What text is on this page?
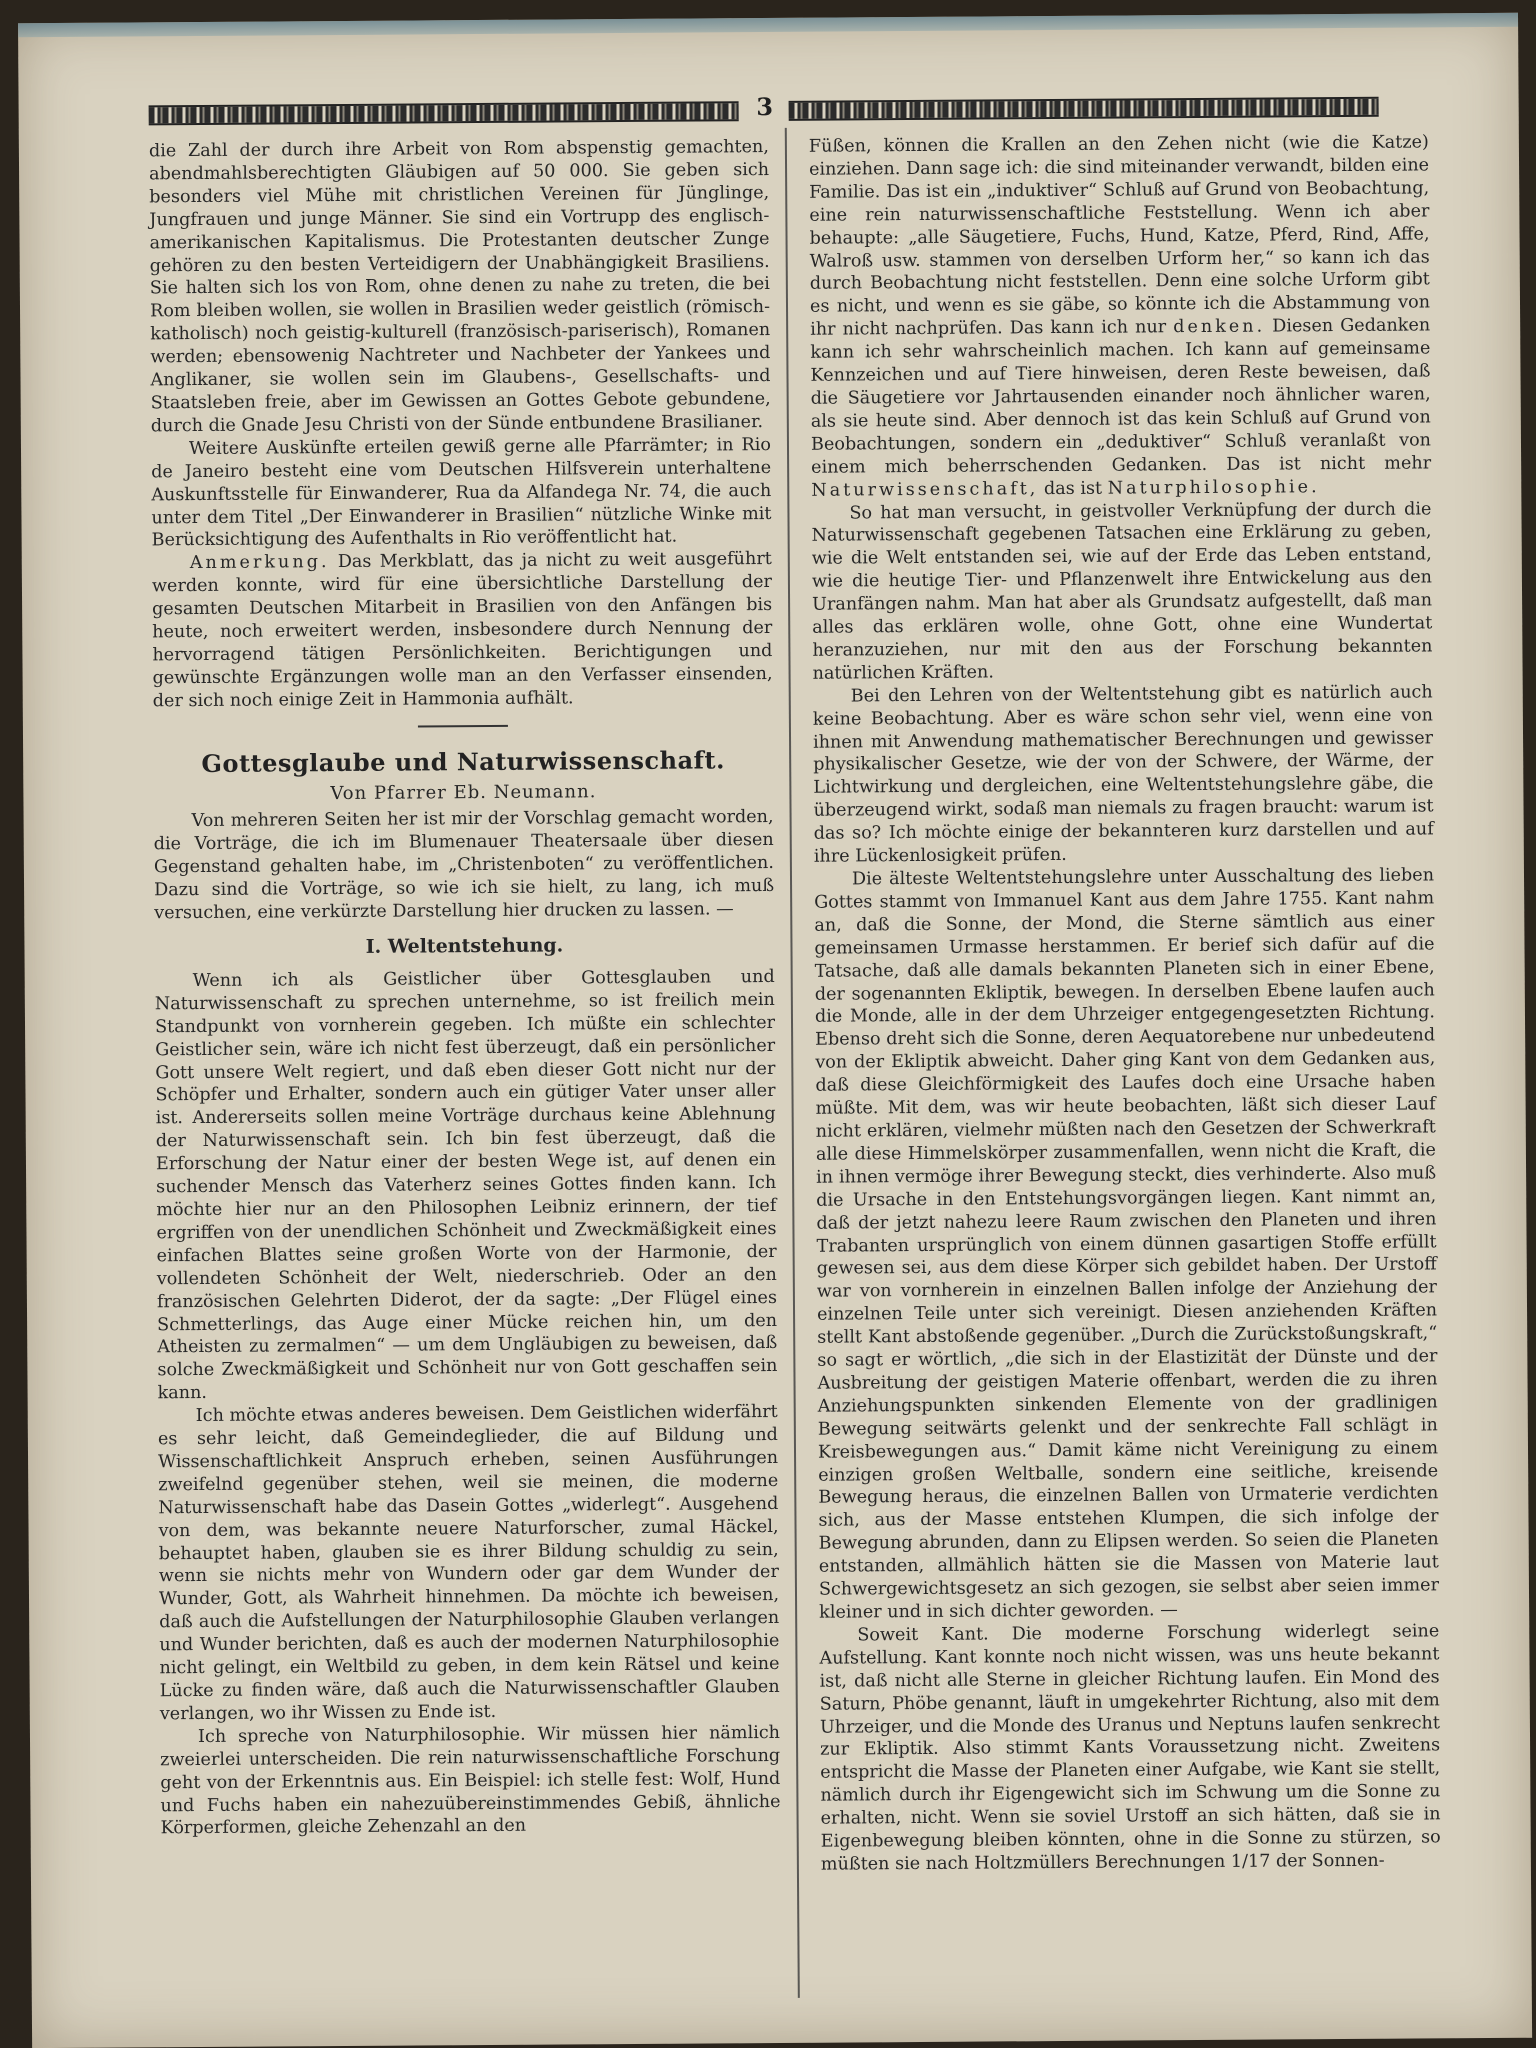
3

die Zahl der durch ihre Arbeit von Rom abspenstig gemachten, abendmahlsberechtigten Gläubigen auf 50 000. Sie geben sich besonders viel Mühe mit christlichen Vereinen für Jünglinge, Jungfrauen und junge Männer. Sie sind ein Vortrupp des englisch-amerikanischen Kapitalismus. Die Protestanten deutscher Zunge gehören zu den besten Verteidigern der Unabhängigkeit Brasiliens. Sie halten sich los von Rom, ohne denen zu nahe zu treten, die bei Rom bleiben wollen, sie wollen in Brasilien weder geistlich (römisch-katholisch) noch geistig-kulturell (französisch-pariserisch), Romanen werden; ebensowenig Nachtreter und Nachbeter der Yankees und Anglikaner, sie wollen sein im Glaubens-, Gesellschafts- und Staatsleben freie, aber im Gewissen an Gottes Gebote gebundene, durch die Gnade Jesu Christi von der Sünde entbundene Brasilianer.

Weitere Auskünfte erteilen gewiß gerne alle Pfarrämter; in Rio de Janeiro besteht eine vom Deutschen Hilfsverein unterhaltene Auskunftsstelle für Einwanderer, Rua da Alfandega Nr. 74, die auch unter dem Titel „Der Einwanderer in Brasilien“ nützliche Winke mit Berücksichtigung des Aufenthalts in Rio veröffentlicht hat.

Anmerkung. Das Merkblatt, das ja nicht zu weit ausgeführt werden konnte, wird für eine übersichtliche Darstellung der gesamten Deutschen Mitarbeit in Brasilien von den Anfängen bis heute, noch erweitert werden, insbesondere durch Nennung der hervorragend tätigen Persönlichkeiten. Berichtigungen und gewünschte Ergänzungen wolle man an den Verfasser einsenden, der sich noch einige Zeit in Hammonia aufhält.

Gottesglaube und Naturwissenschaft.
Von Pfarrer Eb. Neumann.

Von mehreren Seiten her ist mir der Vorschlag gemacht worden, die Vorträge, die ich im Blumenauer Theatersaale über diesen Gegenstand gehalten habe, im „Christenboten“ zu veröffentlichen. Dazu sind die Vorträge, so wie ich sie hielt, zu lang, ich muß versuchen, eine verkürzte Darstellung hier drucken zu lassen. —

I. Weltentstehung.

Wenn ich als Geistlicher über Gottesglauben und Naturwissenschaft zu sprechen unternehme, so ist freilich mein Standpunkt von vornherein gegeben. Ich müßte ein schlechter Geistlicher sein, wäre ich nicht fest überzeugt, daß ein persönlicher Gott unsere Welt regiert, und daß eben dieser Gott nicht nur der Schöpfer und Erhalter, sondern auch ein gütiger Vater unser aller ist. Andererseits sollen meine Vorträge durchaus keine Ablehnung der Naturwissenschaft sein. Ich bin fest überzeugt, daß die Erforschung der Natur einer der besten Wege ist, auf denen ein suchender Mensch das Vaterherz seines Gottes finden kann. Ich möchte hier nur an den Philosophen Leibniz erinnern, der tief ergriffen von der unendlichen Schönheit und Zweckmäßigkeit eines einfachen Blattes seine großen Worte von der Harmonie, der vollendeten Schönheit der Welt, niederschrieb. Oder an den französischen Gelehrten Diderot, der da sagte: „Der Flügel eines Schmetterlings, das Auge einer Mücke reichen hin, um den Atheisten zu zermalmen“ — um dem Ungläubigen zu beweisen, daß solche Zweckmäßigkeit und Schönheit nur von Gott geschaffen sein kann.

Ich möchte etwas anderes beweisen. Dem Geistlichen widerfährt es sehr leicht, daß Gemeindeglieder, die auf Bildung und Wissenschaftlichkeit Anspruch erheben, seinen Ausführungen zweifelnd gegenüber stehen, weil sie meinen, die moderne Naturwissenschaft habe das Dasein Gottes „widerlegt“. Ausgehend von dem, was bekannte neuere Naturforscher, zumal Häckel, behauptet haben, glauben sie es ihrer Bildung schuldig zu sein, wenn sie nichts mehr von Wundern oder gar dem Wunder der Wunder, Gott, als Wahrheit hinnehmen. Da möchte ich beweisen, daß auch die Aufstellungen der Naturphilosophie Glauben verlangen und Wunder berichten, daß es auch der modernen Naturphilosophie nicht gelingt, ein Weltbild zu geben, in dem kein Rätsel und keine Lücke zu finden wäre, daß auch die Naturwissenschaftler Glauben verlangen, wo ihr Wissen zu Ende ist.

Ich spreche von Naturphilosophie. Wir müssen hier nämlich zweierlei unterscheiden. Die rein naturwissenschaftliche Forschung geht von der Erkenntnis aus. Ein Beispiel: ich stelle fest: Wolf, Hund und Fuchs haben ein nahezuübereinstimmendes Gebiß, ähnliche Körperformen, gleiche Zehenzahl an den

Füßen, können die Krallen an den Zehen nicht (wie die Katze) einziehen. Dann sage ich: die sind miteinander verwandt, bilden eine Familie. Das ist ein „induktiver“ Schluß auf Grund von Beobachtung, eine rein naturwissenschaftliche Feststellung. Wenn ich aber behaupte: „alle Säugetiere, Fuchs, Hund, Katze, Pferd, Rind, Affe, Walroß usw. stammen von derselben Urform her,“ so kann ich das durch Beobachtung nicht feststellen. Denn eine solche Urform gibt es nicht, und wenn es sie gäbe, so könnte ich die Abstammung von ihr nicht nachprüfen. Das kann ich nur denken. Diesen Gedanken kann ich sehr wahrscheinlich machen. Ich kann auf gemeinsame Kennzeichen und auf Tiere hinweisen, deren Reste beweisen, daß die Säugetiere vor Jahrtausenden einander noch ähnlicher waren, als sie heute sind. Aber dennoch ist das kein Schluß auf Grund von Beobachtungen, sondern ein „deduktiver“ Schluß veranlaßt von einem mich beherrschenden Gedanken. Das ist nicht mehr Naturwissenschaft, das ist Naturphilosophie.

So hat man versucht, in geistvoller Verknüpfung der durch die Naturwissenschaft gegebenen Tatsachen eine Erklärung zu geben, wie die Welt entstanden sei, wie auf der Erde das Leben entstand, wie die heutige Tier- und Pflanzenwelt ihre Entwickelung aus den Uranfängen nahm. Man hat aber als Grundsatz aufgestellt, daß man alles das erklären wolle, ohne Gott, ohne eine Wundertat heranzuziehen, nur mit den aus der Forschung bekannten natürlichen Kräften.

Bei den Lehren von der Weltentstehung gibt es natürlich auch keine Beobachtung. Aber es wäre schon sehr viel, wenn eine von ihnen mit Anwendung mathematischer Berechnungen und gewisser physikalischer Gesetze, wie der von der Schwere, der Wärme, der Lichtwirkung und dergleichen, eine Weltentstehungslehre gäbe, die überzeugend wirkt, sodaß man niemals zu fragen braucht: warum ist das so? Ich möchte einige der bekannteren kurz darstellen und auf ihre Lückenlosigkeit prüfen.

Die älteste Weltentstehungslehre unter Ausschaltung des lieben Gottes stammt von Immanuel Kant aus dem Jahre 1755. Kant nahm an, daß die Sonne, der Mond, die Sterne sämtlich aus einer gemeinsamen Urmasse herstammen. Er berief sich dafür auf die Tatsache, daß alle damals bekannten Planeten sich in einer Ebene, der sogenannten Ekliptik, bewegen. In derselben Ebene laufen auch die Monde, alle in der dem Uhrzeiger entgegengesetzten Richtung. Ebenso dreht sich die Sonne, deren Aequatorebene nur unbedeutend von der Ekliptik abweicht. Daher ging Kant von dem Gedanken aus, daß diese Gleichförmigkeit des Laufes doch eine Ursache haben müßte. Mit dem, was wir heute beobachten, läßt sich dieser Lauf nicht erklären, vielmehr müßten nach den Gesetzen der Schwerkraft alle diese Himmelskörper zusammenfallen, wenn nicht die Kraft, die in ihnen vermöge ihrer Bewegung steckt, dies verhinderte. Also muß die Ursache in den Entstehungsvorgängen liegen. Kant nimmt an, daß der jetzt nahezu leere Raum zwischen den Planeten und ihren Trabanten ursprünglich von einem dünnen gasartigen Stoffe erfüllt gewesen sei, aus dem diese Körper sich gebildet haben. Der Urstoff war von vornherein in einzelnen Ballen infolge der Anziehung der einzelnen Teile unter sich vereinigt. Diesen anziehenden Kräften stellt Kant abstoßende gegenüber. „Durch die Zurückstoßungskraft,“ so sagt er wörtlich, „die sich in der Elastizität der Dünste und der Ausbreitung der geistigen Materie offenbart, werden die zu ihren Anziehungspunkten sinkenden Elemente von der gradlinigen Bewegung seitwärts gelenkt und der senkrechte Fall schlägt in Kreisbewegungen aus.“ Damit käme nicht Vereinigung zu einem einzigen großen Weltballe, sondern eine seitliche, kreisende Bewegung heraus, die einzelnen Ballen von Urmaterie verdichten sich, aus der Masse entstehen Klumpen, die sich infolge der Bewegung abrunden, dann zu Elipsen werden. So seien die Planeten entstanden, allmählich hätten sie die Massen von Materie laut Schwergewichtsgesetz an sich gezogen, sie selbst aber seien immer kleiner und in sich dichter geworden. —

Soweit Kant. Die moderne Forschung widerlegt seine Aufstellung. Kant konnte noch nicht wissen, was uns heute bekannt ist, daß nicht alle Sterne in gleicher Richtung laufen. Ein Mond des Saturn, Phöbe genannt, läuft in umgekehrter Richtung, also mit dem Uhrzeiger, und die Monde des Uranus und Neptuns laufen senkrecht zur Ekliptik. Also stimmt Kants Voraussetzung nicht. Zweitens entspricht die Masse der Planeten einer Aufgabe, wie Kant sie stellt, nämlich durch ihr Eigengewicht sich im Schwung um die Sonne zu erhalten, nicht. Wenn sie soviel Urstoff an sich hätten, daß sie in Eigenbewegung bleiben könnten, ohne in die Sonne zu stürzen, so müßten sie nach Holtzmüllers Berechnungen 1/17 der Sonnen-
